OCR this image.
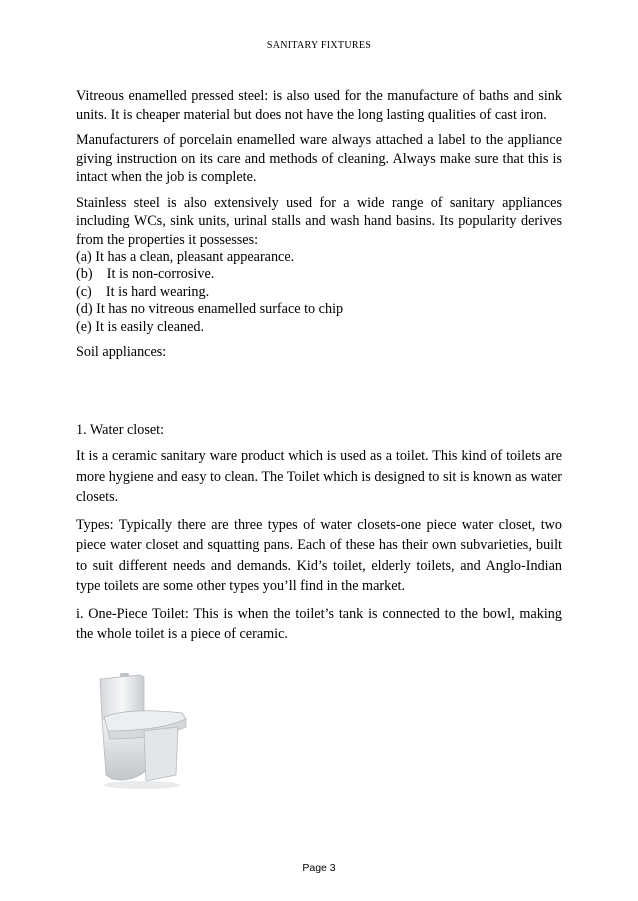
SANITARY FIXTURES

Vitreous enamelled pressed steel: is also used for the manufacture of baths and sink units. It is cheaper material but does not have the long lasting qualities of cast iron.

Manufacturers of porcelain enamelled ware always attached a label to the appliance giving instruction on its care and methods of cleaning. Always make sure that this is intact when the job is complete.

Stainless steel is also extensively used for a wide range of sanitary appliances including WCs, sink units, urinal stalls and wash hand basins. Its popularity derives from the properties it possesses:

(a) It has a clean, pleasant appearance.
(b)    It is non-corrosive.
(c)    It is hard wearing.
(d) It has no vitreous enamelled surface to chip
(e) It is easily cleaned.

Soil appliances:

1. Water closet:

It is a ceramic sanitary ware product which is used as a toilet. This kind of toilets are more hygiene and easy to clean. The Toilet which is designed to sit is known as water closets.

Types: Typically there are three types of water closets-one piece water closet, two piece water closet and squatting pans. Each of these has their own subvarieties, built to suit different needs and demands. Kid’s toilet, elderly toilets, and Anglo-Indian type toilets are some other types you’ll find in the market.

i. One-Piece Toilet: This is when the toilet’s tank is connected to the bowl, making the whole toilet is a piece of ceramic.

Page 3
